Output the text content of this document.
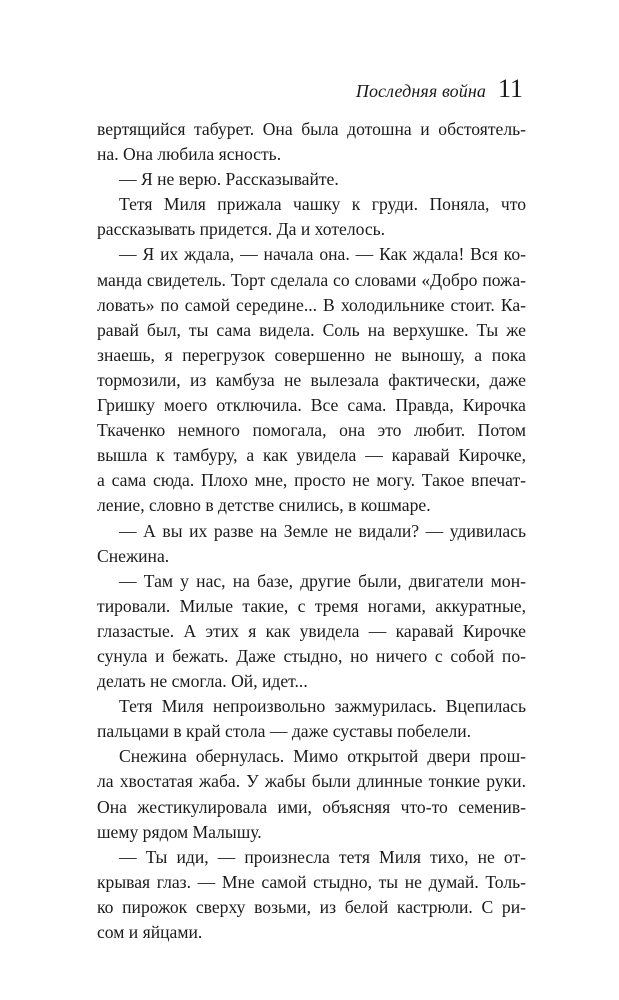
Последняя война 11

вертящийся табурет. Она была дотошна и обстоятель-

на. Она любила ясность.

— Я не верю. Рассказывайте.

Тетя Миля прижала чашку к груди. Поняла, что

рассказывать придется. Да и хотелось.

— Я их ждала, — начала она. — Как ждала! Вся ко-

манда свидетель. Торт сделала со словами «Добро пожа-

ловать» по самой середине... В холодильнике стоит. Ка-

равай был, ты сама видела. Соль на верхушке. Ты же

знаешь, я перегрузок совершенно не выношу, а пока

тормозили, из камбуза не вылезала фактически, даже

Гришку моего отключила. Все сама. Правда, Кирочка

Ткаченко немного помогала, она это любит. Потом

вышла к тамбуру, а как увидела — каравай Кирочке,

а сама сюда. Плохо мне, просто не могу. Такое впечат-

ление, словно в детстве снились, в кошмаре.

— А вы их разве на Земле не видали? — удивилась

Снежина.

— Там у нас, на базе, другие были, двигатели мон-

тировали. Милые такие, с тремя ногами, аккуратные,

глазастые. А этих я как увидела — каравай Кирочке

сунула и бежать. Даже стыдно, но ничего с собой по-

делать не смогла. Ой, идет...

Тетя Миля непроизвольно зажмурилась. Вцепилась

пальцами в край стола — даже суставы побелели.

Снежина обернулась. Мимо открытой двери прош-

ла хвостатая жаба. У жабы были длинные тонкие руки.

Она жестикулировала ими, объясняя что-то семенив-

шему рядом Малышу.

— Ты иди, — произнесла тетя Миля тихо, не от-

крывая глаз. — Мне самой стыдно, ты не думай. Толь-

ко пирожок сверху возьми, из белой кастрюли. С ри-

сом и яйцами.
